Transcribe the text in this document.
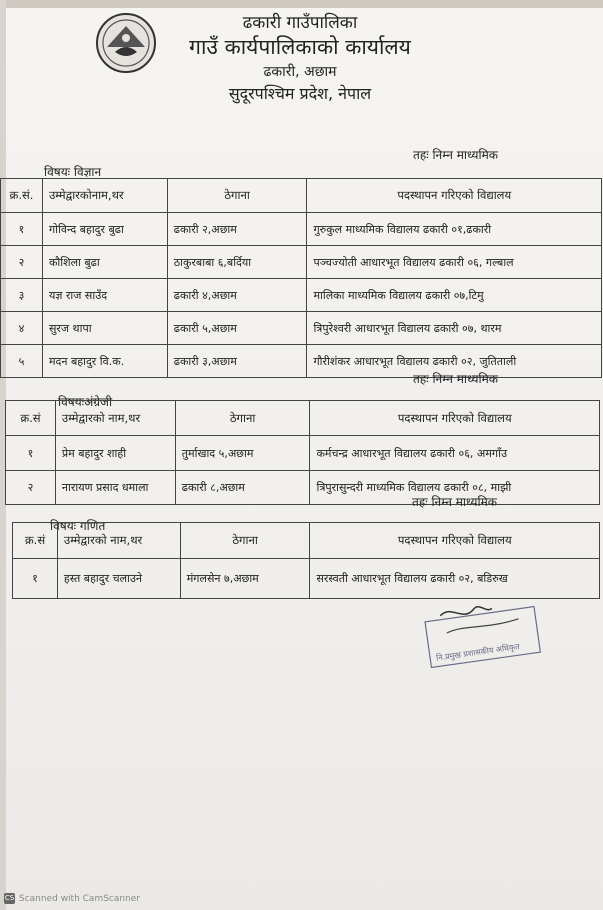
ढकारी गाउँपालिका
गाउँ कार्यपालिकाको कार्यालय
ढकारी, अछाम
सुदूरपश्चिम प्रदेश, नेपाल
तहः निम्न माध्यमिक
विषयः विज्ञान
क्र.सं.	उम्मेद्वारकोनाम,थर	ठेगाना	पदस्थापन गरिएको विद्यालय
१	गोविन्द बहादुर बुढा	ढकारी २,अछाम	गुरुकुल माध्यमिक विद्यालय ढकारी ०१,ढकारी
२	कौशिला बुढा	ठाकुरबाबा ६,बर्दिया	पञ्चज्योती आधारभूत विद्यालय ढकारी ०६, गल्बाल
३	यज्ञ राज साउँद	ढकारी ४,अछाम	मालिका माध्यमिक विद्यालय ढकारी ०७,टिमु
४	सुरज थापा	ढकारी ५,अछाम	त्रिपुरेश्वरी आधारभूत विद्यालय ढकारी ०७, थारम
५	मदन बहादुर वि.क.	ढकारी ३,अछाम	गौरीशंकर आधारभूत विद्यालय ढकारी ०२, जुतिताली
तहः निम्न माध्यमिक
विषयःअंग्रेजी
क्र.सं	उम्मेद्वारको नाम,थर	ठेगाना	पदस्थापन गरिएको विद्यालय
१	प्रेम बहादुर शाही	तुर्माखाद ५,अछाम	कर्मचन्द्र आधारभूत विद्यालय ढकारी ०६, अमगाँउ
२	नारायण प्रसाद धमाला	ढकारी ८,अछाम	त्रिपुरासुन्दरी माध्यमिक विद्यालय ढकारी ०८, माझी
तहः निम्न माध्यमिक
विषयः गणित
क्र.सं	उम्मेद्वारको नाम,थर	ठेगाना	पदस्थापन गरिएको विद्यालय
१	हस्त बहादुर चलाउने	मंगलसेन ७,अछाम	सरस्वती आधारभूत विद्यालय ढकारी ०२, बडिरुख
नि.प्रमुख प्रशासकीय अधिकृत
CS Scanned with CamScanner
